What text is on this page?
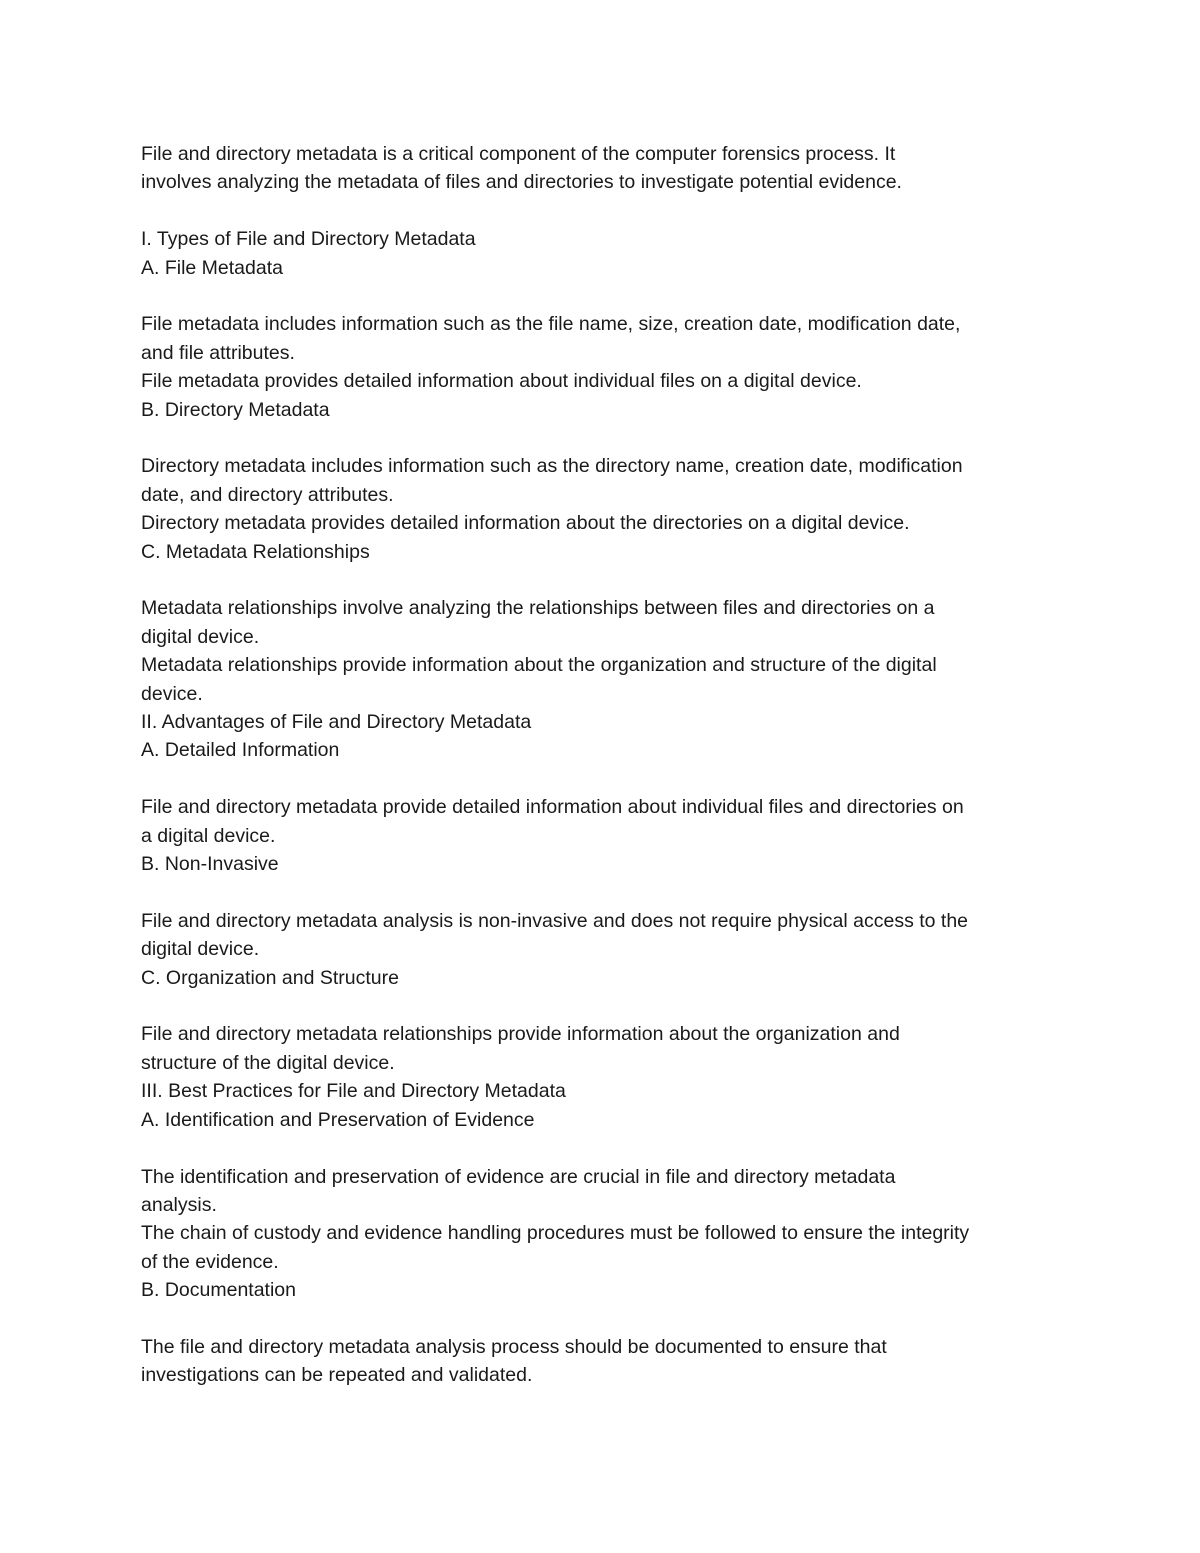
File and directory metadata is a critical component of the computer forensics process. It
involves analyzing the metadata of files and directories to investigate potential evidence.
I. Types of File and Directory Metadata
A. File Metadata
File metadata includes information such as the file name, size, creation date, modification date,
and file attributes.
File metadata provides detailed information about individual files on a digital device.
B. Directory Metadata
Directory metadata includes information such as the directory name, creation date, modification
date, and directory attributes.
Directory metadata provides detailed information about the directories on a digital device.
C. Metadata Relationships
Metadata relationships involve analyzing the relationships between files and directories on a
digital device.
Metadata relationships provide information about the organization and structure of the digital
device.
II. Advantages of File and Directory Metadata
A. Detailed Information
File and directory metadata provide detailed information about individual files and directories on
a digital device.
B. Non-Invasive
File and directory metadata analysis is non-invasive and does not require physical access to the
digital device.
C. Organization and Structure
File and directory metadata relationships provide information about the organization and
structure of the digital device.
III. Best Practices for File and Directory Metadata
A. Identification and Preservation of Evidence
The identification and preservation of evidence are crucial in file and directory metadata
analysis.
The chain of custody and evidence handling procedures must be followed to ensure the integrity
of the evidence.
B. Documentation
The file and directory metadata analysis process should be documented to ensure that
investigations can be repeated and validated.
